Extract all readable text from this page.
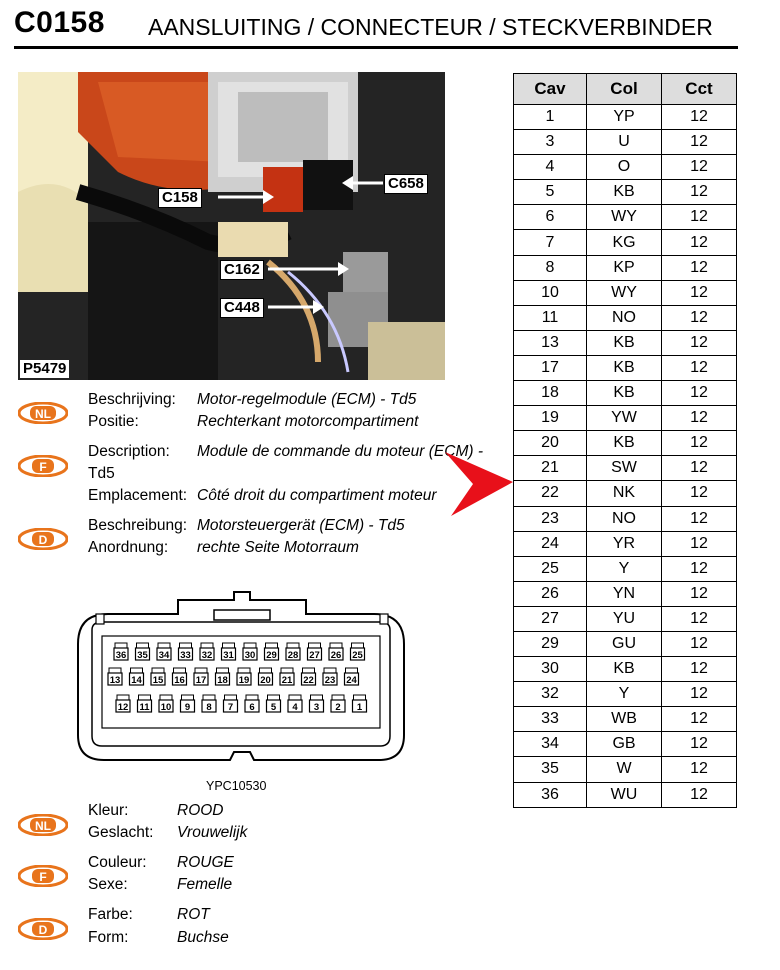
C0158 AANSLUITING / CONNECTEUR / STECKVERBINDER
C158
C658
C162
C448
P5479
NL
Beschrijving: Motor-regelmodule (ECM) - Td5
Positie:	Rechterkant motorcompartiment
F
Description: Module de commande du moteur (ECM) -
Td5
Emplacement: Côté droit du compartiment moteur
D
Beschreibung: Motorsteuergerät (ECM) - Td5
Anordnung: rechte Seite Motorraum
36 35 34 33 32 31 30 29 28 27 26 25
13 14 15 16 17 18 19 20 21 22 23 24
12 11 10 9 8 7 6 5 4 3 2 1
YPC10530
NL
Kleur:	ROOD
Geslacht: Vrouwelijk
F
Couleur: ROUGE
Sexe:	Femelle
D
Farbe:	ROT
Form:	Buchse
Cav	Col	Cct
1	YP	12
3	U	12
4	O	12
5	KB	12
6	WY	12
7	KG	12
8	KP	12
10	WY	12
11	NO	12
13	KB	12
17	KB	12
18	KB	12
19	YW	12
20	KB	12
21	SW	12
22	NK	12
23	NO	12
24	YR	12
25	Y	12
26	YN	12
27	YU	12
29	GU	12
30	KB	12
32	Y	12
33	WB	12
34	GB	12
35	W	12
36	WU	12
